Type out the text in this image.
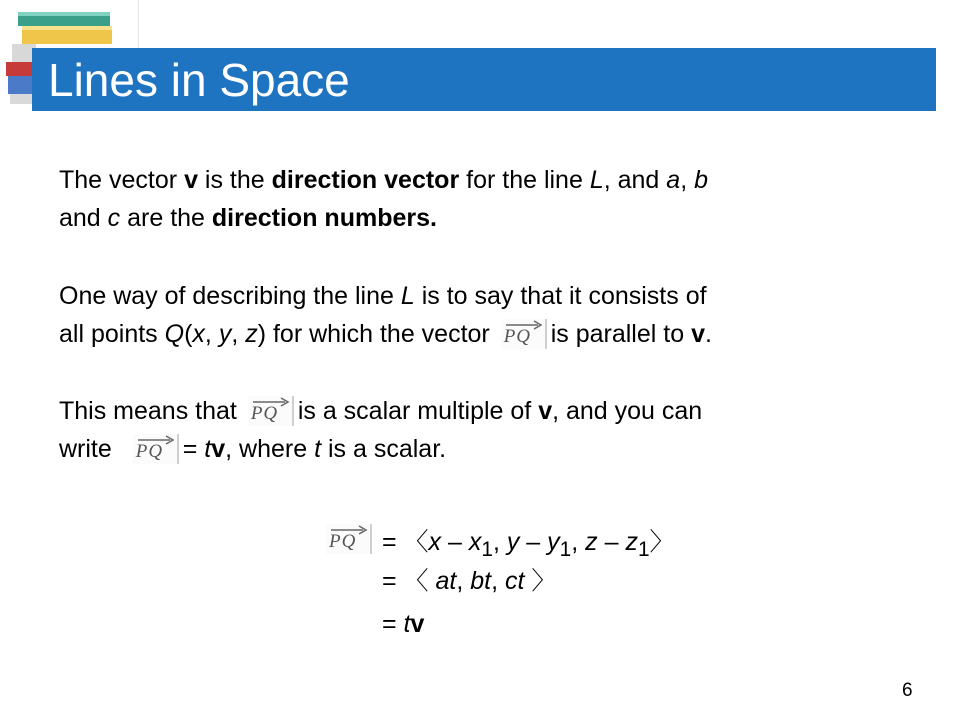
Lines in Space
The vector v is the direction vector for the line L, and a, b
and c are the direction numbers.
One way of describing the line L is to say that it consists of
all points Q(x, y, z) for which the vector PQ is parallel to v.
This means that PQ is a scalar multiple of v, and you can
write PQ = tv, where t is a scalar.
PQ = 〈x – $x_1$, y – $y_1$, z – $z_1$〉
= 〈 at, bt, ct 〉
= tv
6
